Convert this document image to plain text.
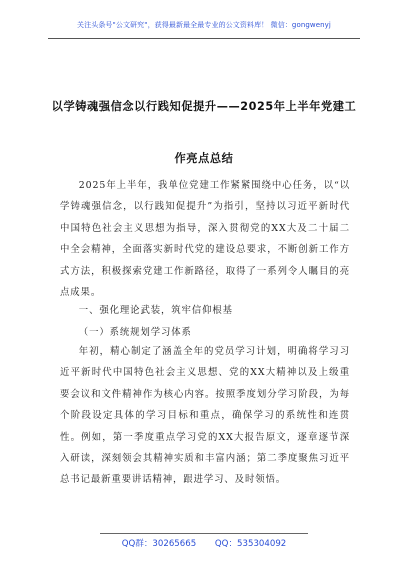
关注头条号"公文研究"，获得最新最全最专业的公文资料库！ 微信：gongwenyj
以学铸魂强信念以行践知促提升——2025年上半年党建工
作亮点总结

2025年上半年，我单位党建工作紧紧围绕中心任务，以“以学铸魂强信念，以行践知促提升”为指引，坚持以习近平新时代中国特色社会主义思想为指导，深入贯彻党的XX大及二十届二中全会精神，全面落实新时代党的建设总要求，不断创新工作方式方法，积极探索党建工作新路径，取得了一系列令人瞩目的亮点成果。

一、强化理论武装，筑牢信仰根基
（一）系统规划学习体系

年初，精心制定了涵盖全年的党员学习计划，明确将学习习近平新时代中国特色社会主义思想、党的XX大精神以及上级重要会议和文件精神作为核心内容。按照季度划分学习阶段，为每个阶段设定具体的学习目标和重点，确保学习的系统性和连贯性。例如，第一季度重点学习党的XX大报告原文，逐章逐节深入研读，深刻领会其精神实质和丰富内涵；第二季度聚焦习近平总书记最新重要讲话精神，跟进学习、及时领悟。

QQ群：30265665 QQ：535304092
